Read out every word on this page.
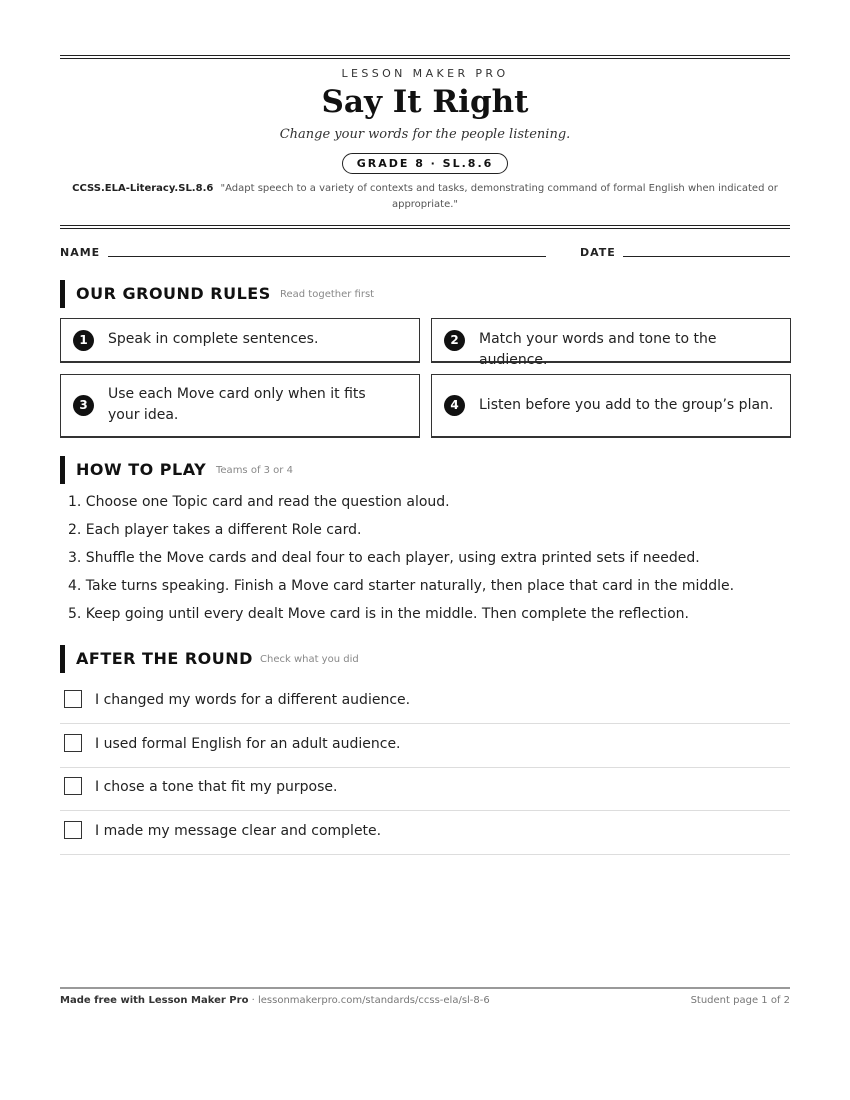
LESSON MAKER PRO
Say It Right
Change your words for the people listening.
GRADE 8 · SL.8.6
CCSS.ELA-Literacy.SL.8.6 "Adapt speech to a variety of contexts and tasks, demonstrating command of formal English when indicated or appropriate."
NAME	DATE
OUR GROUND RULES Read together first
1	Speak in complete sentences.	2	Match your words and tone to the audience.
3
Use each Move card only when it fits your idea.
4	Listen before you add to the group’s plan.
HOW TO PLAY Teams of 3 or 4
1. Choose one Topic card and read the question aloud.
2. Each player takes a different Role card.
3. Shuffle the Move cards and deal four to each player, using extra printed sets if needed.
4. Take turns speaking. Finish a Move card starter naturally, then place that card in the middle.
5. Keep going until every dealt Move card is in the middle. Then complete the reflection.
AFTER THE ROUND Check what you did
I changed my words for a different audience.
I used formal English for an adult audience.
I chose a tone that fit my purpose.
I made my message clear and complete.
Made free with Lesson Maker Pro · lessonmakerpro.com/standards/ccss-ela/sl-8-6	Student page 1 of 2
